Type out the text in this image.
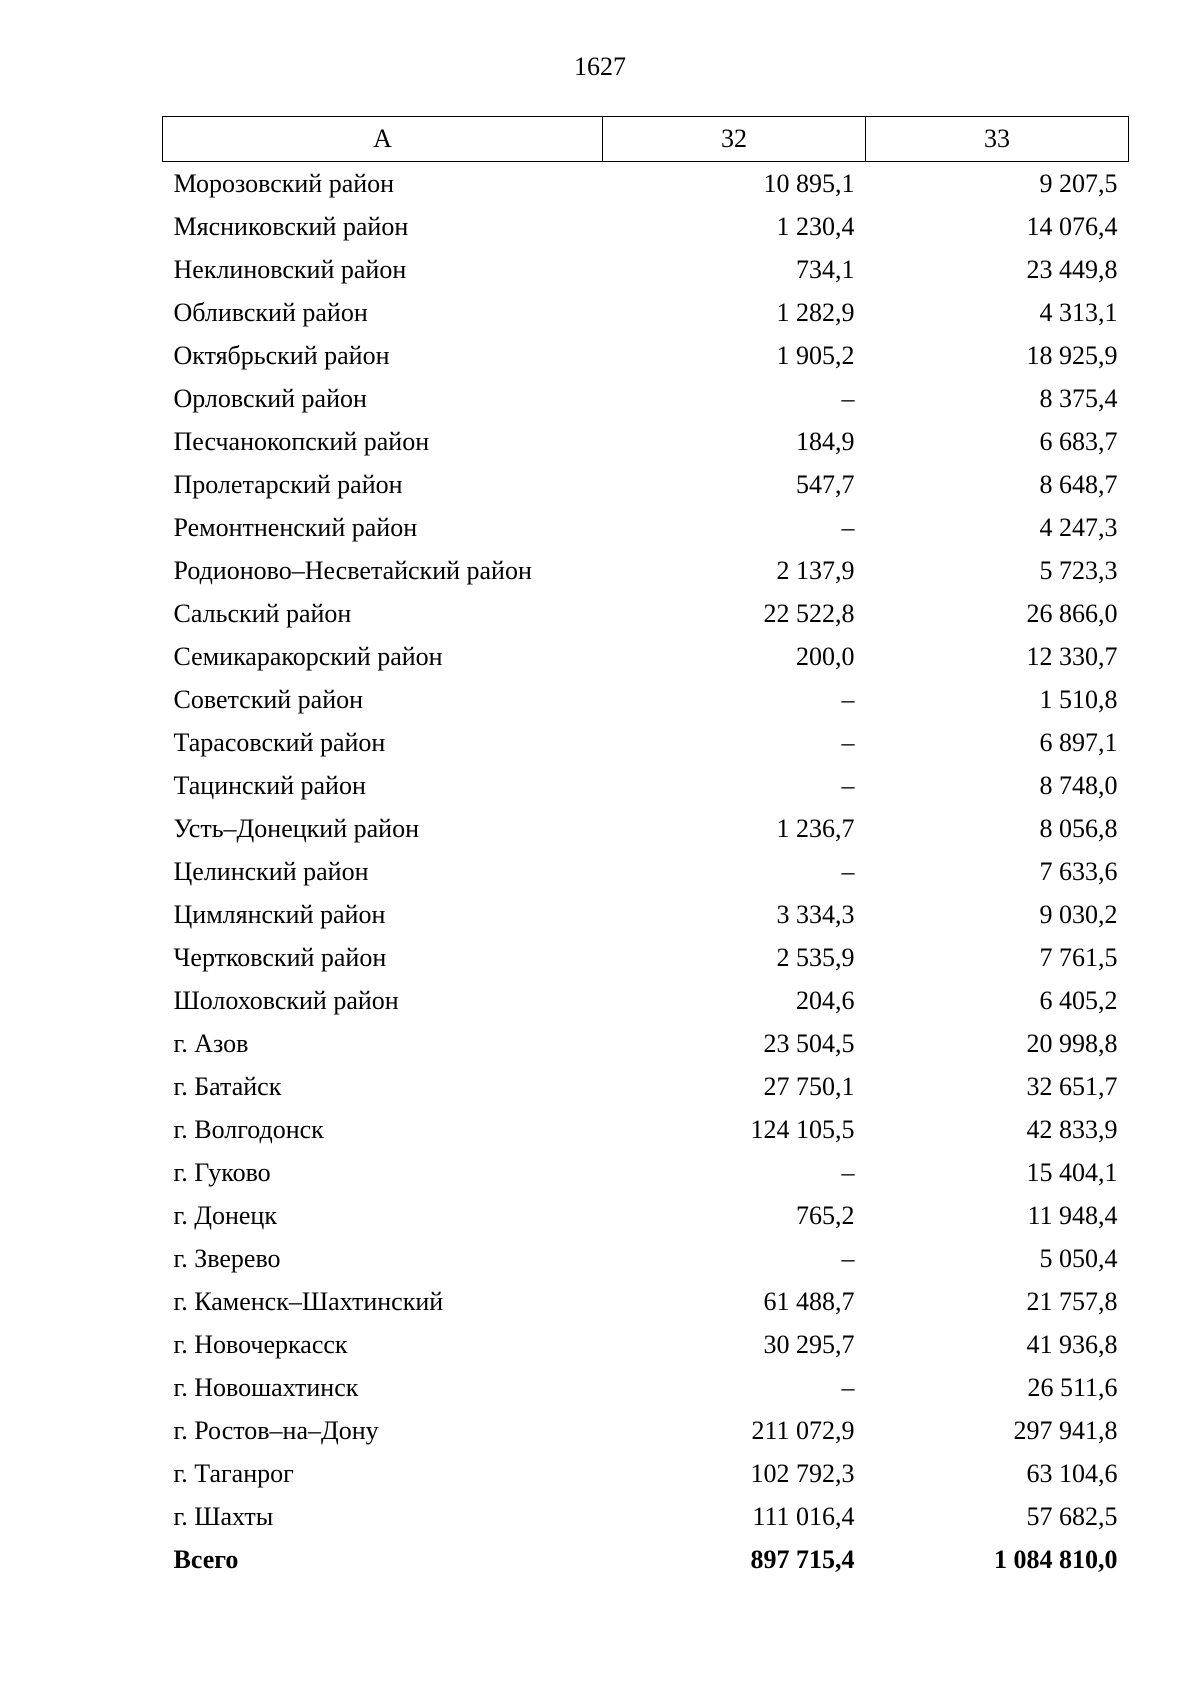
1627
А	32	33
Морозовский район	10 895,1	9 207,5
Мясниковский район	1 230,4	14 076,4
Неклиновский район	734,1	23 449,8
Обливский район	1 282,9	4 313,1
Октябрьский район	1 905,2	18 925,9
Орловский район	–	8 375,4
Песчанокопский район	184,9	6 683,7
Пролетарский район	547,7	8 648,7
Ремонтненский район	–	4 247,3
Родионово–Несветайский район	2 137,9	5 723,3
Сальский район	22 522,8	26 866,0
Семикаракорский район	200,0	12 330,7
Советский район	–	1 510,8
Тарасовский район	–	6 897,1
Тацинский район	–	8 748,0
Усть–Донецкий район	1 236,7	8 056,8
Целинский район	–	7 633,6
Цимлянский район	3 334,3	9 030,2
Чертковский район	2 535,9	7 761,5
Шолоховский район	204,6	6 405,2
г. Азов	23 504,5	20 998,8
г. Батайск	27 750,1	32 651,7
г. Волгодонск	124 105,5	42 833,9
г. Гуково	–	15 404,1
г. Донецк	765,2	11 948,4
г. Зверево	–	5 050,4
г. Каменск–Шахтинский	61 488,7	21 757,8
г. Новочеркасск	30 295,7	41 936,8
г. Новошахтинск	–	26 511,6
г. Ростов–на–Дону	211 072,9	297 941,8
г. Таганрог	102 792,3	63 104,6
г. Шахты	111 016,4	57 682,5
Всего	897 715,4	1 084 810,0
